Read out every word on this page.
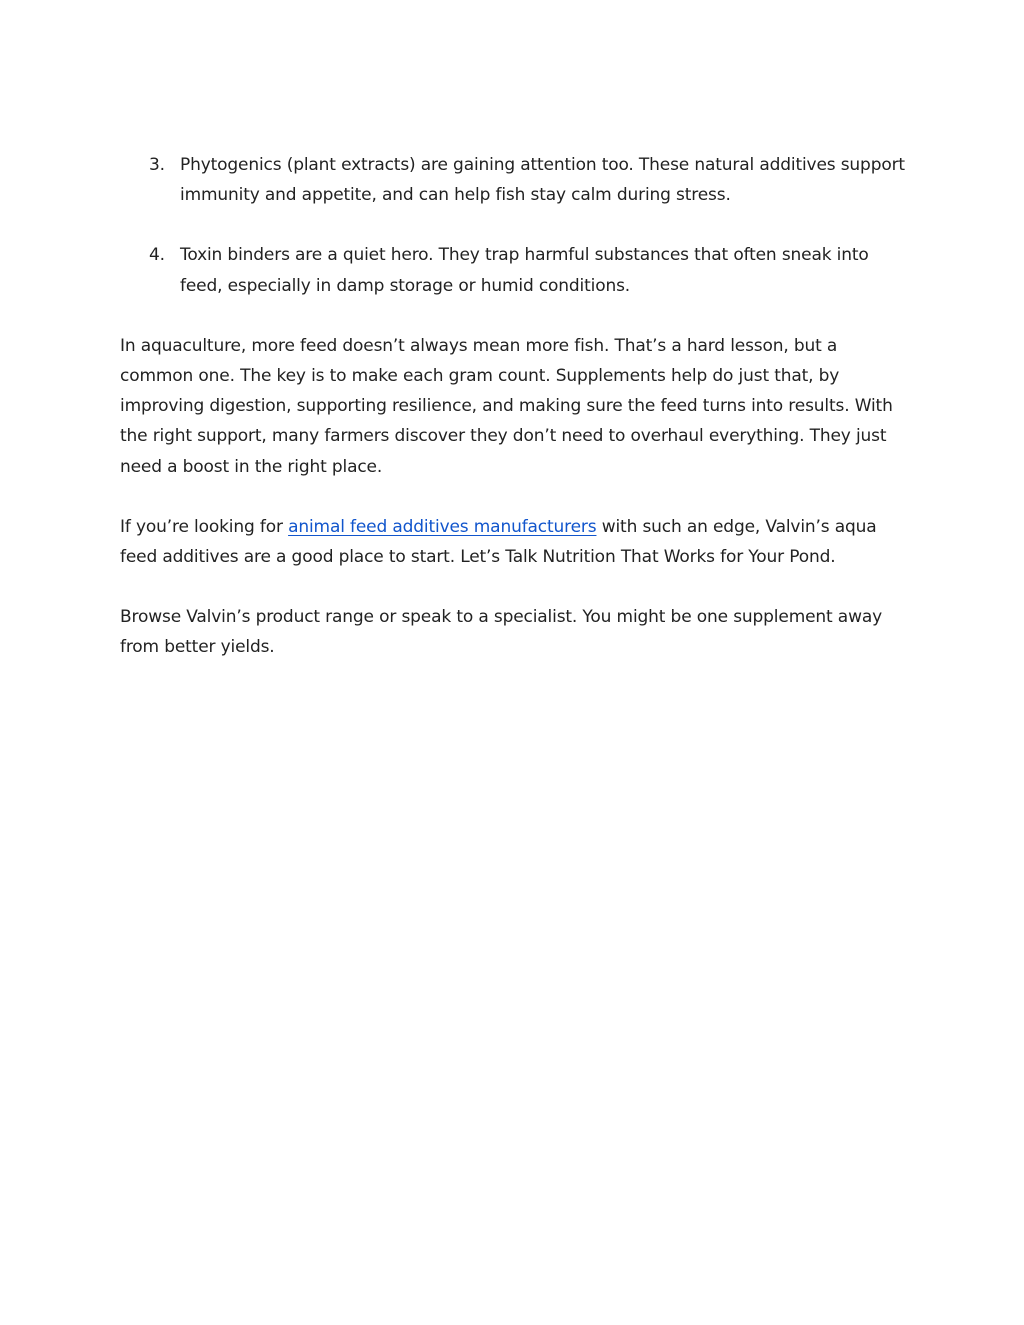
3. Phytogenics (plant extracts) are gaining attention too. These natural additives support immunity and appetite, and can help fish stay calm during stress.
4. Toxin binders are a quiet hero. They trap harmful substances that often sneak into feed, especially in damp storage or humid conditions.

In aquaculture, more feed doesn’t always mean more fish. That’s a hard lesson, but a common one. The key is to make each gram count. Supplements help do just that, by improving digestion, supporting resilience, and making sure the feed turns into results. With the right support, many farmers discover they don’t need to overhaul everything. They just need a boost in the right place.

If you’re looking for animal feed additives manufacturers with such an edge, Valvin’s aqua feed additives are a good place to start. Let’s Talk Nutrition That Works for Your Pond.

Browse Valvin’s product range or speak to a specialist. You might be one supplement away from better yields.
